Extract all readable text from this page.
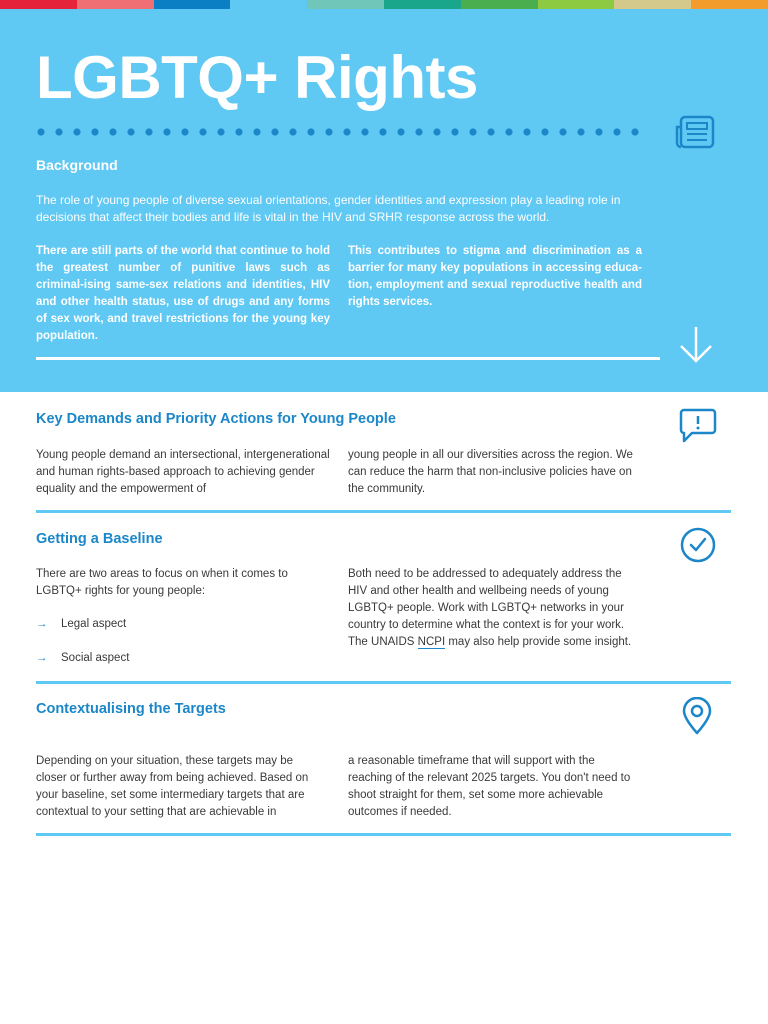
LGBTQ+ Rights
Background

The role of young people of diverse sexual orientations, gender identities and expression play a leading role in decisions that affect their bodies and life is vital in the HIV and SRHR response across the world.

There are still parts of the world that continue to hold the greatest number of punitive laws such as criminal-ising same-sex relations and identities, HIV and other health status, use of drugs and any forms of sex work, and travel restrictions for the young key population.

This contributes to stigma and discrimination as a barrier for many key populations in accessing educa-tion, employment and sexual reproductive health and rights services.

Key Demands and Priority Actions for Young People

Young people demand an intersectional, intergenerational and human rights-based approach to achieving gender equality and the empowerment of

young people in all our diversities across the region. We can reduce the harm that non-inclusive policies have on the community.

Getting a Baseline

There are two areas to focus on when it comes to LGBTQ+ rights for young people:

→ Legal aspect
→ Social aspect

Both need to be addressed to adequately address the HIV and other health and wellbeing needs of young LGBTQ+ people. Work with LGBTQ+ networks in your country to determine what the context is for your work. The UNAIDS NCPI may also help provide some insight.

Contextualising the Targets

Depending on your situation, these targets may be closer or further away from being achieved. Based on your baseline, set some intermediary targets that are contextual to your setting that are achievable in

a reasonable timeframe that will support with the reaching of the relevant 2025 targets. You don't need to shoot straight for them, set some more achievable outcomes if needed.
